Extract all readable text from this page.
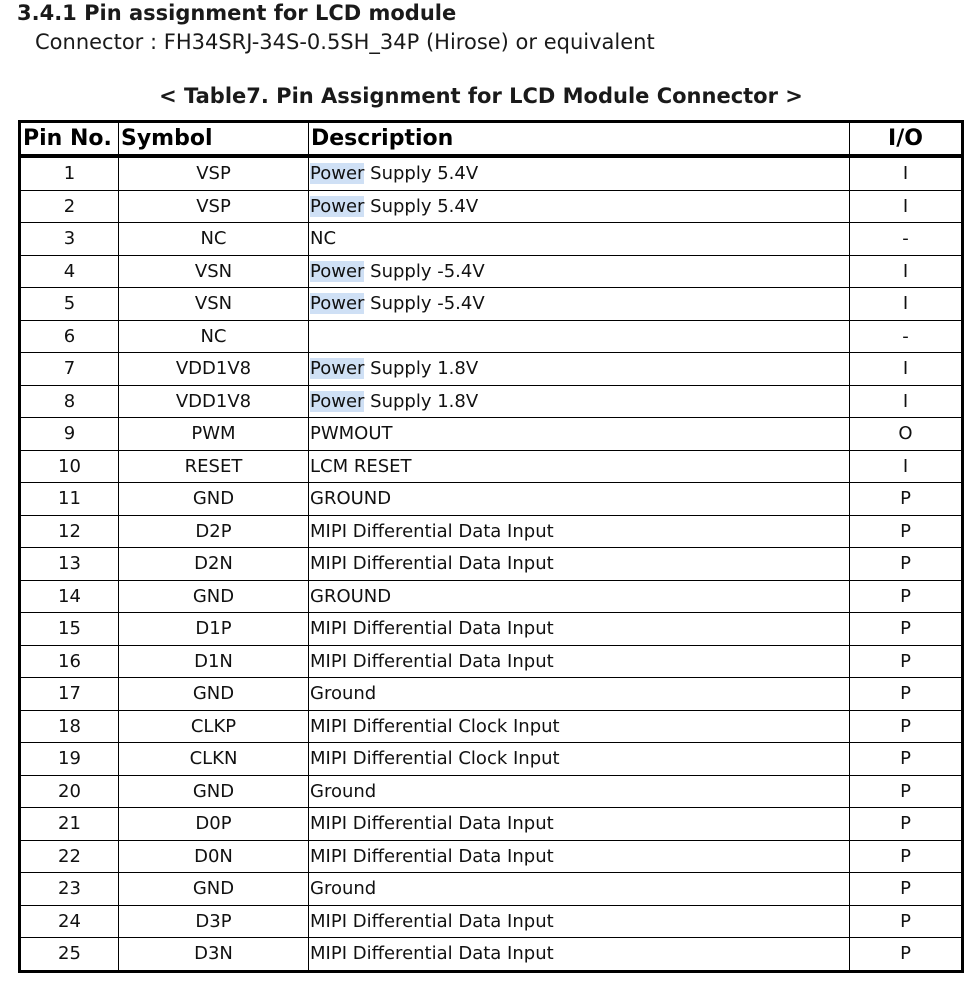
3.4.1 Pin assignment for LCD module
Connector : FH34SRJ-34S-0.5SH_34P (Hirose) or equivalent
< Table7. Pin Assignment for LCD Module Connector >
Pin No.	Symbol	Description	I/O
1	VSP	Power Supply 5.4V	I
2	VSP	Power Supply 5.4V	I
3	NC	NC	-
4	VSN	Power Supply -5.4V	I
5	VSN	Power Supply -5.4V	I
6	NC		-
7	VDD1V8	Power Supply 1.8V	I
8	VDD1V8	Power Supply 1.8V	I
9	PWM	PWMOUT	O
10	RESET	LCM RESET	I
11	GND	GROUND	P
12	D2P	MIPI Differential Data Input	P
13	D2N	MIPI Differential Data Input	P
14	GND	GROUND	P
15	D1P	MIPI Differential Data Input	P
16	D1N	MIPI Differential Data Input	P
17	GND	Ground	P
18	CLKP	MIPI Differential Clock Input	P
19	CLKN	MIPI Differential Clock Input	P
20	GND	Ground	P
21	D0P	MIPI Differential Data Input	P
22	D0N	MIPI Differential Data Input	P
23	GND	Ground	P
24	D3P	MIPI Differential Data Input	P
25	D3N	MIPI Differential Data Input	P
